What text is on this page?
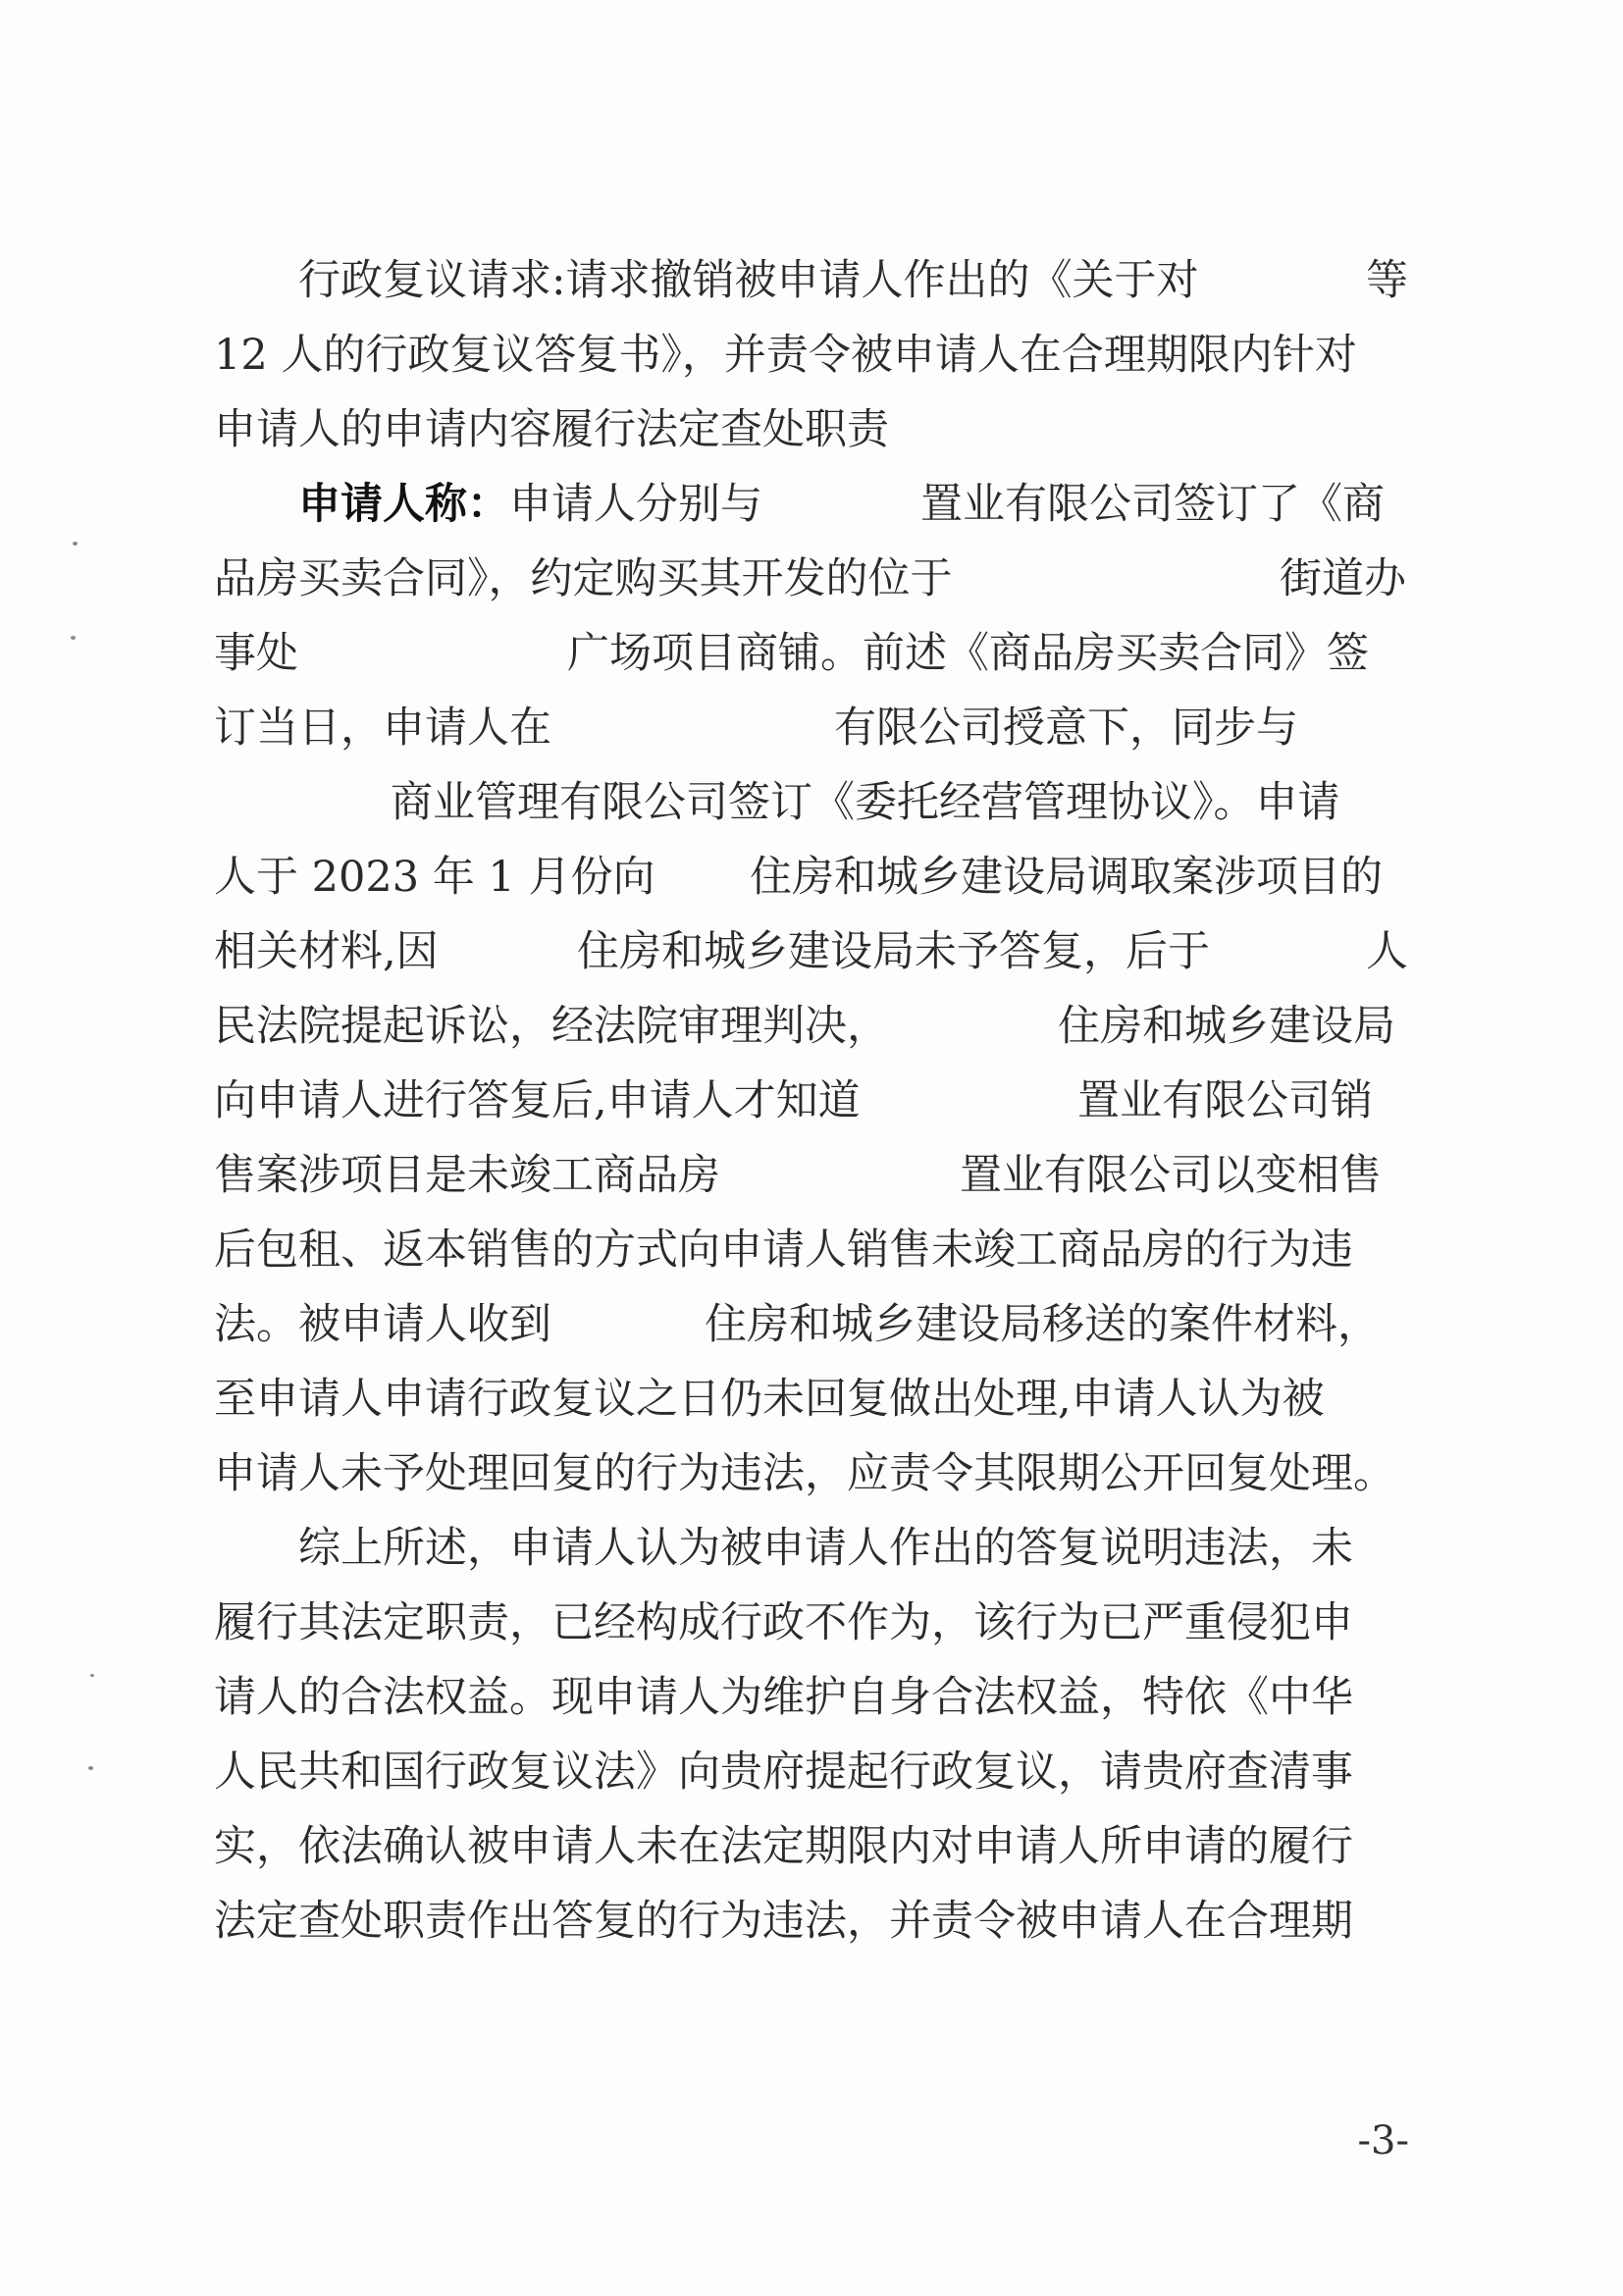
行政复议请求:请求撤销被申请人作出的《关于对	等
12 人的行政复议答复书》，并责令被申请人在合理期限内针对
申请人的申请内容履行法定查处职责
申请人称：申请人分别与	置业有限公司签订了《商
品房买卖合同》，约定购买其开发的位于	街道办
事处	广场项目商铺。前述《商品房买卖合同》签
订当日，申请人在	有限公司授意下，同步与
商业管理有限公司签订《委托经营管理协议》。申请
人于 2023 年 1 月份向 住房和城乡建设局调取案涉项目的
相关材料,因	住房和城乡建设局未予答复，后于	人
民法院提起诉讼，经法院审理判决，	住房和城乡建设局
向申请人进行答复后,申请人才知道	置业有限公司销
售案涉项目是未竣工商品房	置业有限公司以变相售
后包租、返本销售的方式向申请人销售未竣工商品房的行为违
法。被申请人收到	住房和城乡建设局移送的案件材料，
至申请人申请行政复议之日仍未回复做出处理,申请人认为被
申请人未予处理回复的行为违法，应责令其限期公开回复处理。
综上所述，申请人认为被申请人作出的答复说明违法，未
履行其法定职责，已经构成行政不作为，该行为已严重侵犯申
请人的合法权益。现申请人为维护自身合法权益，特依《中华
人民共和国行政复议法》向贵府提起行政复议，请贵府查清事
实，依法确认被申请人未在法定期限内对申请人所申请的履行
法定查处职责作出答复的行为违法，并责令被申请人在合理期
-3-
